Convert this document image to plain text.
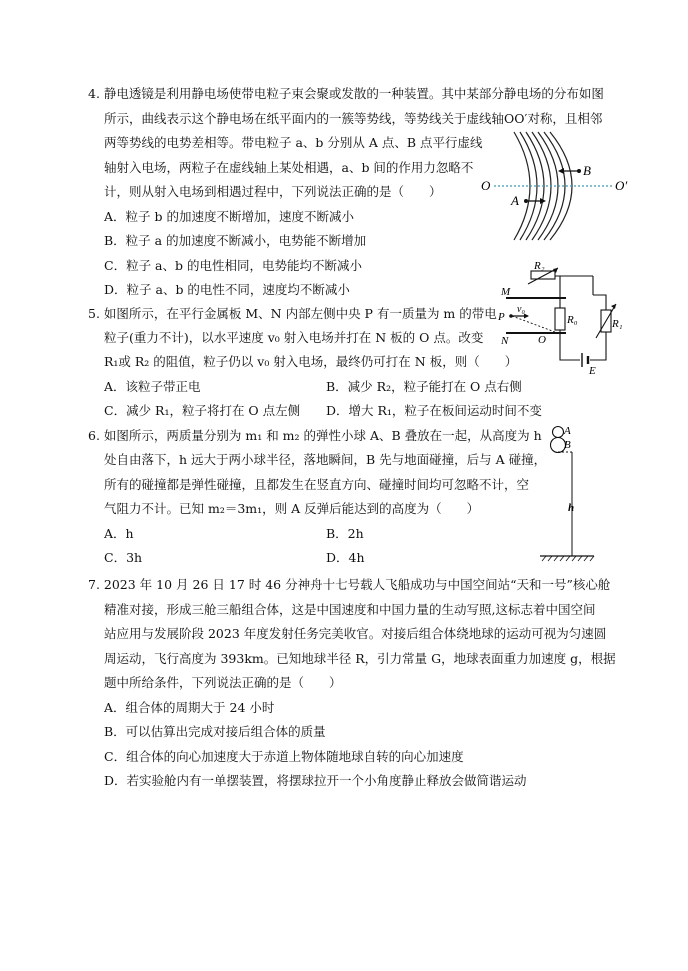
4. 静电透镜是利用静电场使带电粒子束会聚或发散的一种装置。其中某部分静电场的分布如图
所示，曲线表示这个静电场在纸平面内的一簇等势线，等势线关于虚线轴OO′对称，且相邻
两等势线的电势差相等。带电粒子 a、b 分别从 A 点、B 点平行虚线
轴射入电场，两粒子在虚线轴上某处相遇，a、b 间的作用力忽略不
计，则从射入电场到相遇过程中，下列说法正确的是（　　）
A．粒子 b 的加速度不断增加，速度不断减小
B．粒子 a 的加速度不断减小，电势能不断增加
C．粒子 a、b 的电性相同，电势能均不断减小
D．粒子 a、b 的电性不同，速度均不断减小
O	O′
B
A
5. 如图所示，在平行金属板 M、N 内部左侧中央 P 有一质量为 m 的带电
粒子(重力不计)，以水平速度 v₀ 射入电场并打在 N 板的 O 点。改变
R₁或 R₂ 的阻值，粒子仍以 v₀ 射入电场，最终仍可打在 N 板，则（　　）
A．该粒子带正电	B．减少 R₂，粒子能打在 O 点右侧
C．减少 R₁，粒子将打在 O 点左侧 D．增大 R₁，粒子在板间运动时间不变
R₂
M
N
P
v₀
O
R₀	R₁
E
6. 如图所示，两质量分别为 m₁ 和 m₂ 的弹性小球 A、B 叠放在一起，从高度为 h
处自由落下，h 远大于两小球半径，落地瞬间，B 先与地面碰撞，后与 A 碰撞，
所有的碰撞都是弹性碰撞，且都发生在竖直方向、碰撞时间均可忽略不计，空
气阻力不计。已知 m₂＝3m₁，则 A 反弹后能达到的高度为（　　）
A．h	B．2h
C．3h	D．4h
A
B
h
7. 2023 年 10 月 26 日 17 时 46 分神舟十七号载人飞船成功与中国空间站“天和一号”核心舱
精准对接，形成三舱三船组合体，这是中国速度和中国力量的生动写照,这标志着中国空间
站应用与发展阶段 2023 年度发射任务完美收官。对接后组合体绕地球的运动可视为匀速圆
周运动，飞行高度为 393km。已知地球半径 R，引力常量 G，地球表面重力加速度 g，根据
题中所给条件，下列说法正确的是（　　）
A．组合体的周期大于 24 小时
B．可以估算出完成对接后组合体的质量
C．组合体的向心加速度大于赤道上物体随地球自转的向心加速度
D．若实验舱内有一单摆装置，将摆球拉开一个小角度静止释放会做简谐运动
